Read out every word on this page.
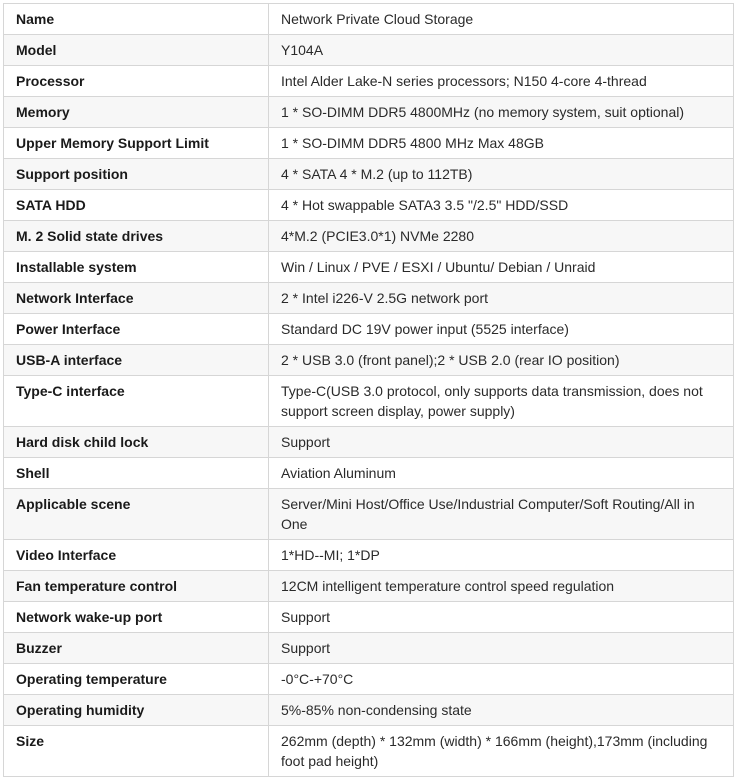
Name	Network Private Cloud Storage
Model	Y104A
Processor	Intel Alder Lake-N series processors; N150 4-core 4-thread
Memory	1 * SO-DIMM DDR5 4800MHz (no memory system, suit optional)
Upper Memory Support Limit	1 * SO-DIMM DDR5 4800 MHz Max 48GB
Support position	4 * SATA 4 * M.2 (up to 112TB)
SATA HDD	4 * Hot swappable SATA3 3.5 "/2.5" HDD/SSD
M. 2 Solid state drives	4*M.2 (PCIE3.0*1) NVMe 2280
Installable system	Win / Linux / PVE / ESXI / Ubuntu/ Debian / Unraid
Network Interface	2 * Intel i226-V 2.5G network port
Power Interface	Standard DC 19V power input (5525 interface)
USB-A interface	2 * USB 3.0 (front panel);2 * USB 2.0 (rear IO position)
Type-C interface	Type-C(USB 3.0 protocol, only supports data transmission, does not support screen display, power supply)
Hard disk child lock	Support
Shell	Aviation Aluminum
Applicable scene	Server/Mini Host/Office Use/Industrial Computer/Soft Routing/All in One
Video Interface	1*HD--MI; 1*DP
Fan temperature control	12CM intelligent temperature control speed regulation
Network wake-up port	Support
Buzzer	Support
Operating temperature	-0°C-+70°C
Operating humidity	5%-85% non-condensing state
Size	262mm (depth) * 132mm (width) * 166mm (height),173mm (including foot pad height)
